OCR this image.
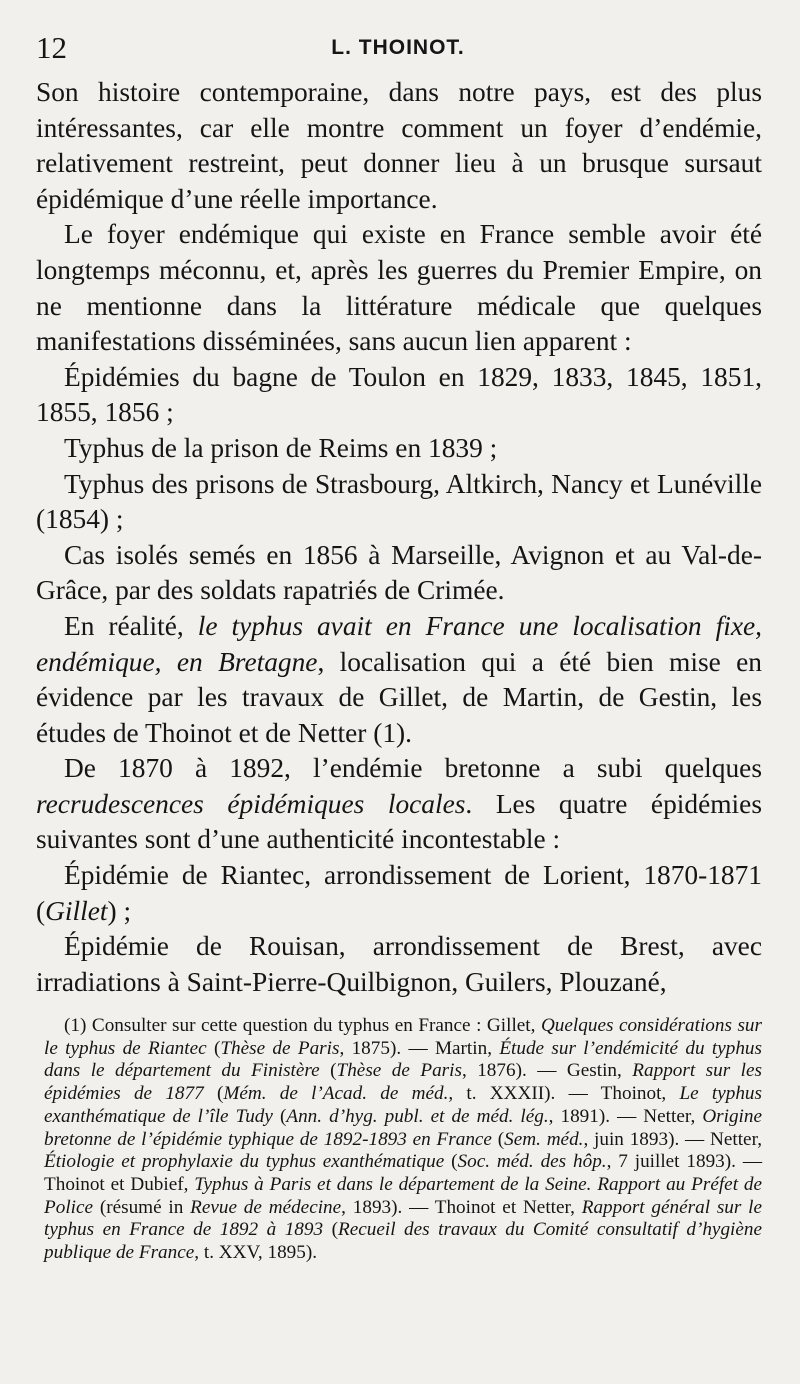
12	L. THOINOT.

Son histoire contemporaine, dans notre pays, est des plus intéressantes, car elle montre comment un foyer d’endémie, relativement restreint, peut donner lieu à un brusque sursaut épidémique d’une réelle importance.

Le foyer endémique qui existe en France semble avoir été longtemps méconnu, et, après les guerres du Premier Empire, on ne mentionne dans la littérature médicale que quelques manifestations disséminées, sans aucun lien apparent :

Épidémies du bagne de Toulon en 1829, 1833, 1845, 1851, 1855, 1856 ;

Typhus de la prison de Reims en 1839 ;

Typhus des prisons de Strasbourg, Altkirch, Nancy et Lunéville (1854) ;

Cas isolés semés en 1856 à Marseille, Avignon et au Val-de-Grâce, par des soldats rapatriés de Crimée.

En réalité, le typhus avait en France une localisation fixe, endémique, en Bretagne, localisation qui a été bien mise en évidence par les travaux de Gillet, de Martin, de Gestin, les études de Thoinot et de Netter (1).

De 1870 à 1892, l’endémie bretonne a subi quelques recrudescences épidémiques locales. Les quatre épidémies suivantes sont d’une authenticité incontestable :

Épidémie de Riantec, arrondissement de Lorient, 1870-1871 (Gillet) ;

Épidémie de Rouisan, arrondissement de Brest, avec irradiations à Saint-Pierre-Quilbignon, Guilers, Plouzané,

(1) Consulter sur cette question du typhus en France : Gillet, Quelques considérations sur le typhus de Riantec (Thèse de Paris, 1875). — Martin, Étude sur l’endémicité du typhus dans le département du Finistère (Thèse de Paris, 1876). — Gestin, Rapport sur les épidémies de 1877 (Mém. de l’Acad. de méd., t. XXXII). — Thoinot, Le typhus exanthématique de l’île Tudy (Ann. d’hyg. publ. et de méd. lég., 1891). — Netter, Origine bretonne de l’épidémie typhique de 1892-1893 en France (Sem. méd., juin 1893). — Netter, Étiologie et prophylaxie du typhus exanthématique (Soc. méd. des hôp., 7 juillet 1893). — Thoinot et Dubief, Typhus à Paris et dans le département de la Seine. Rapport au Préfet de Police (résumé in Revue de médecine, 1893). — Thoinot et Netter, Rapport général sur le typhus en France de 1892 à 1893 (Recueil des travaux du Comité consultatif d’hygiène publique de France, t. XXV, 1895).
